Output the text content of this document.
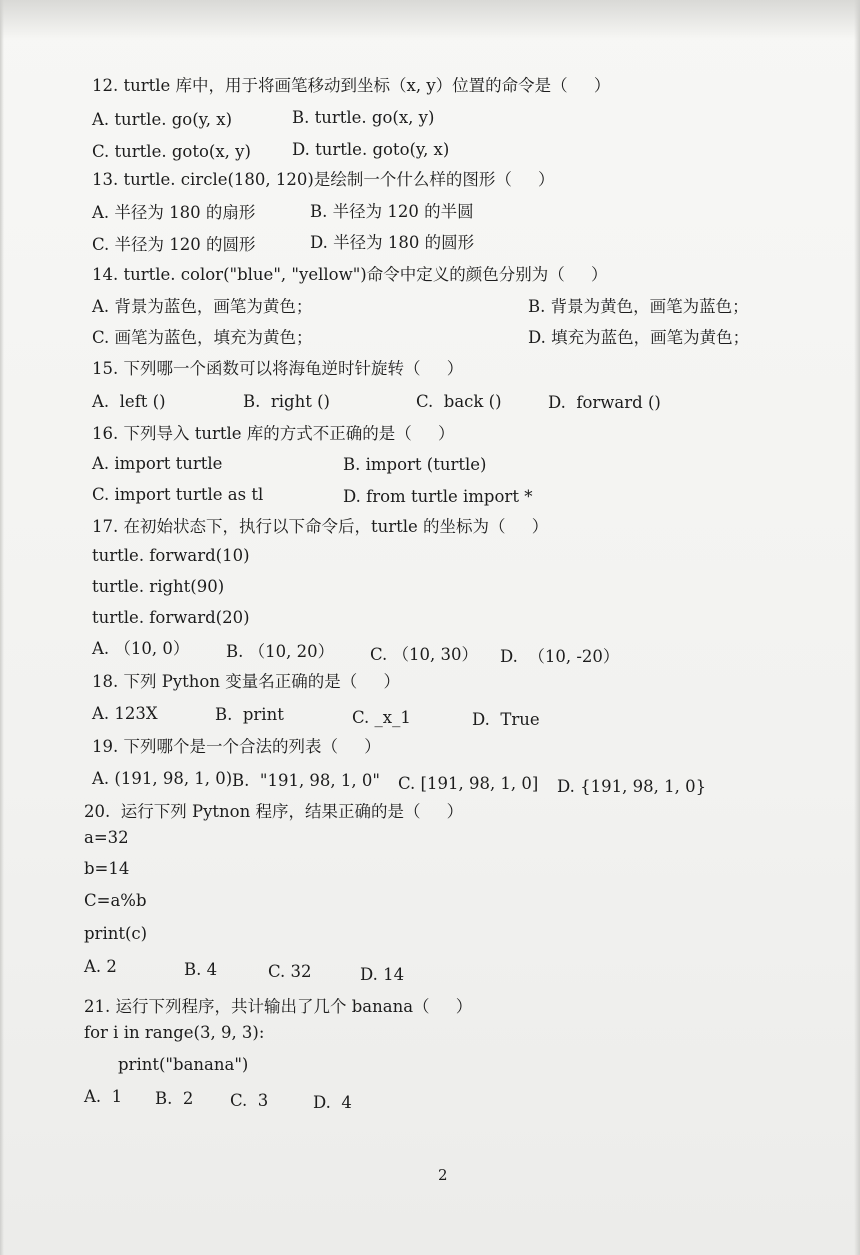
12. turtle 库中，用于将画笔移动到坐标（x, y）位置的命令是（     ）
A. turtle. go(y, x)	B. turtle. go(x, y)
C. turtle. goto(x, y) D. turtle. goto(y, x)
13. turtle. circle(180, 120)是绘制一个什么样的图形（     ）
A. 半径为 180 的扇形	B. 半径为 120 的半圆
C. 半径为 120 的圆形	D. 半径为 180 的圆形
14. turtle. color("blue", "yellow")命令中定义的颜色分别为（     ）
A. 背景为蓝色，画笔为黄色；	B. 背景为黄色，画笔为蓝色；
C. 画笔为蓝色，填充为黄色；	D. 填充为蓝色，画笔为黄色；
15. 下列哪一个函数可以将海龟逆时针旋转（     ）
A.  left ()	B.  right ()	C.  back ()	D.  forward ()
16. 下列导入 turtle 库的方式不正确的是（     ）
A. import turtle	B. import (turtle)
C. import turtle as tl	D. from turtle import *
17. 在初始状态下，执行以下命令后，turtle 的坐标为（     ）
turtle. forward(10)
turtle. right(90)
turtle. forward(20)
A. （10, 0） B. （10, 20） C. （10, 30） D.  （10, -20）
18. 下列 Python 变量名正确的是（     ）
A. 123X	B.  print	C. _x_1	D.  True
19. 下列哪个是一个合法的列表（     ）
A. (191, 98, 1, 0) B.  "191, 98, 1, 0" C. [191, 98, 1, 0] D. {191, 98, 1, 0}
20.  运行下列 Pytnon 程序，结果正确的是（     ）
a=32
b=14
C=a%b
print(c)
A. 2	B. 4	C. 32	D. 14
21. 运行下列程序，共计输出了几个 banana（     ）
for i in range(3, 9, 3):
print("banana")
A.  1 B.  2 C.  3	D.  4
2
